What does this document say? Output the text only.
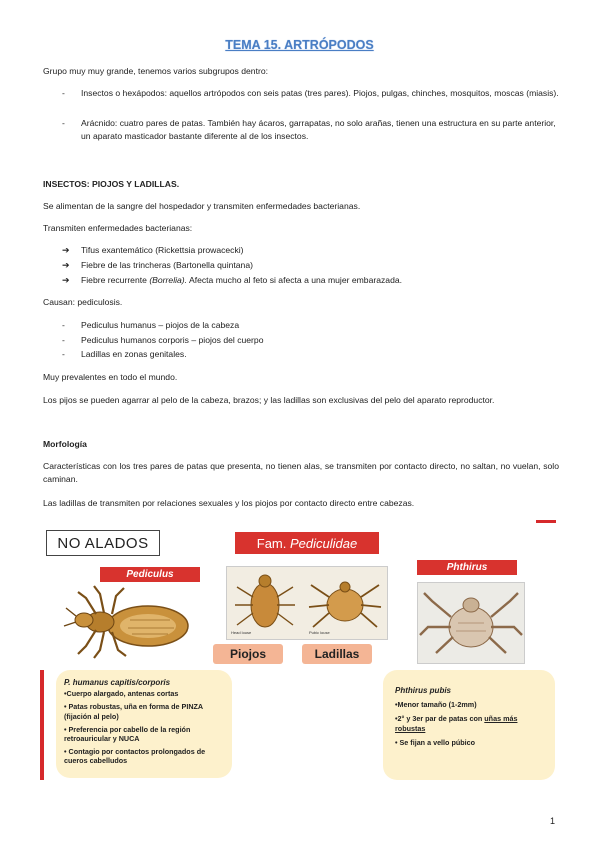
TEMA 15. ARTRÓPODOS
Grupo muy muy grande, tenemos varios subgrupos dentro:
- Insectos o hexápodos: aquellos artrópodos con seis patas (tres pares). Piojos, pulgas, chinches, mosquitos, moscas (miasis).
- Arácnido: cuatro pares de patas. También hay ácaros, garrapatas, no solo arañas, tienen una estructura en su parte anterior, un aparato masticador bastante diferente al de los insectos.
INSECTOS: PIOJOS Y LADILLAS.
Se alimentan de la sangre del hospedador y transmiten enfermedades bacterianas.
Transmiten enfermedades bacterianas:
➔ Tifus exantemático (Rickettsia prowacecki)
➔ Fiebre de las trincheras (Bartonella quintana)
➔ Fiebre recurrente (Borrelia). Afecta mucho al feto si afecta a una mujer embarazada.
Causan: pediculosis.
- Pediculus humanus – piojos de la cabeza
- Pediculus humanos corporis – piojos del cuerpo
- Ladillas en zonas genitales.
Muy prevalentes en todo el mundo.
Los pijos se pueden agarrar al pelo de la cabeza, brazos; y las ladillas son exclusivas del pelo del aparato reproductor.
Morfología
Características con los tres pares de patas que presenta, no tienen alas, se transmiten por contacto directo, no saltan, no vuelan, solo caminan.
Las ladillas de transmiten por relaciones sexuales y los piojos por contacto directo entre cabezas.
NO ALADOS
Pediculus
Fam.
Pediculidae
Head louse	Pubic louse
Piojos	Ladillas
Phthirus
P. humanus capitis/corporis
•Cuerpo alargado, antenas cortas
• Patas robustas, uña en forma de PINZA (fijación al pelo)
• Preferencia por cabello de la región retroauricular y NUCA
• Contagio por contactos prolongados de cueros cabelludos
Phthirus pubis
•Menor tamaño (1-2mm)
•2° y 3er par de patas con uñas más robustas
• Se fijan a vello púbico
1
